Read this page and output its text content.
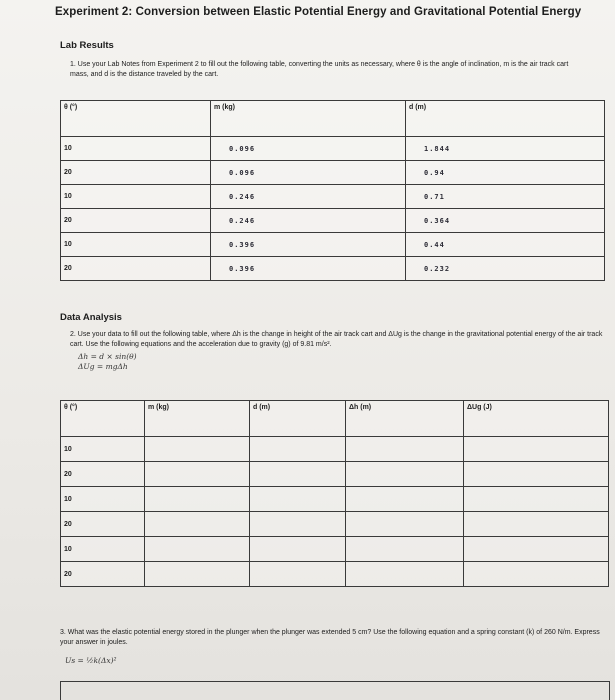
Experiment 2: Conversion between Elastic Potential Energy and Gravitational Potential Energy
Lab Results
1. Use your Lab Notes from Experiment 2 to fill out the following table, converting the units as necessary, where θ is the angle of inclination, m is the air track cart mass, and d is the distance traveled by the cart.
θ (°)	m (kg)	d (m)
10	0.096	1.844
20	0.096	0.94
10	0.246	0.71
20	0.246	0.364
10	0.396	0.44
20	0.396	0.232
Data Analysis
2. Use your data to fill out the following table, where Δh is the change in height of the air track cart and ΔUg is the change in the gravitational potential energy of the air track cart. Use the following equations and the acceleration due to gravity (g) of 9.81 m/s².
Δh = d × sin(θ)
ΔUg = mgΔh
θ (°)	m (kg)	d (m)	Δh (m)	ΔUg (J)
10				
20				
10				
20				
10				
20				
3. What was the elastic potential energy stored in the plunger when the plunger was extended 5 cm? Use the following equation and a spring constant (k) of 260 N/m. Express your answer in joules.
Us = ½k(Δx)²
